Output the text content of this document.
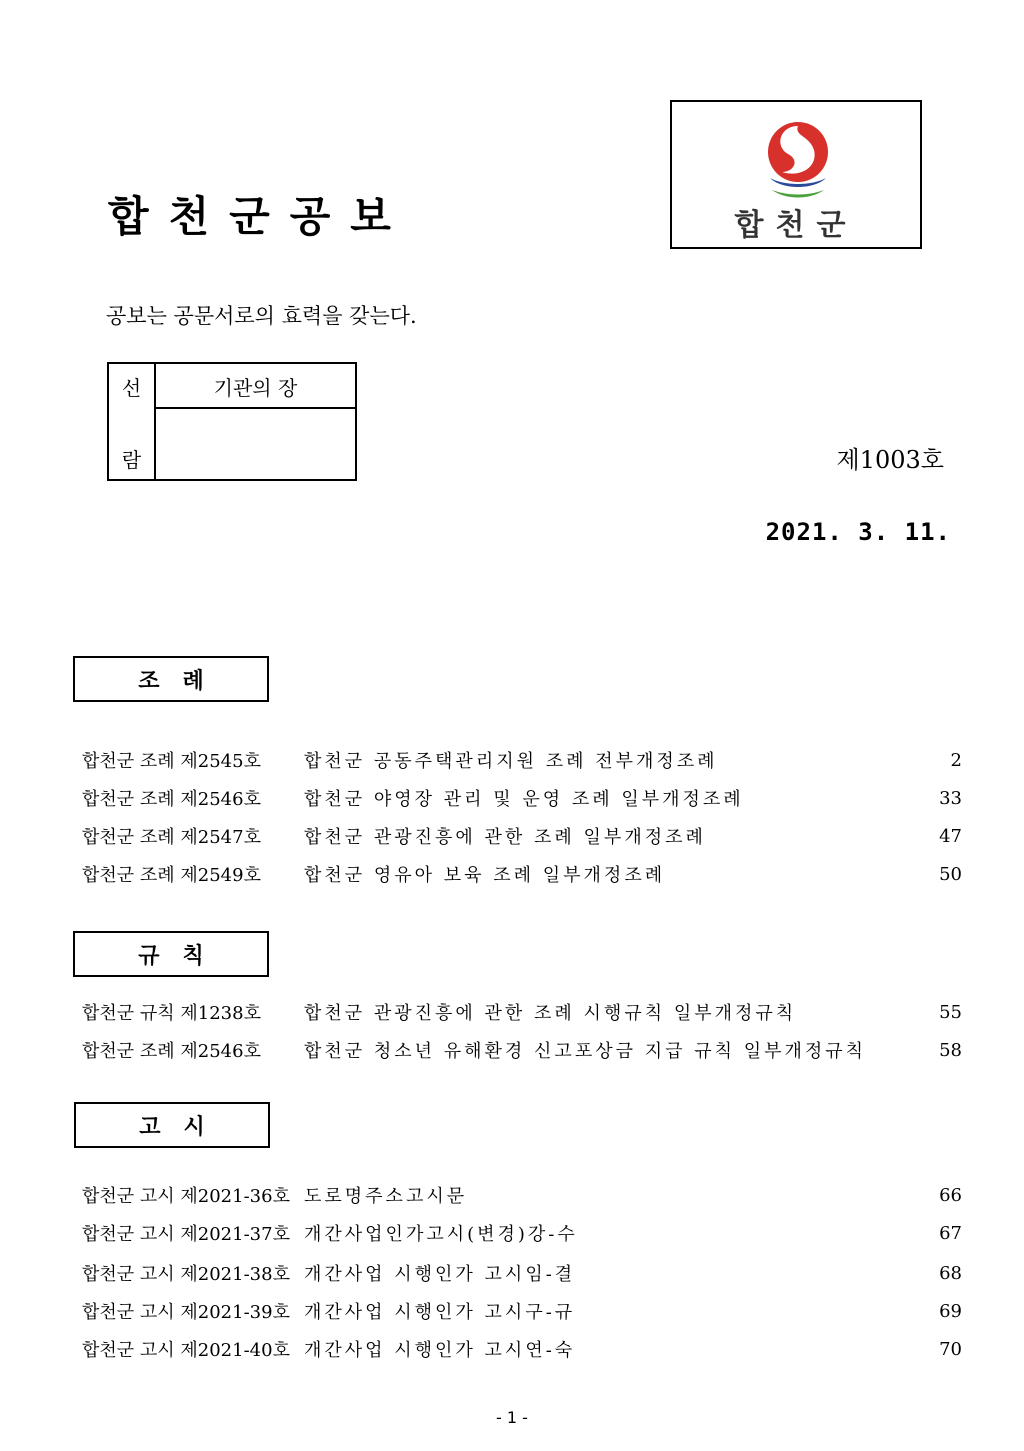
합천군공보	합천군
공보는 공문서로의 효력을 갖는다.
선
람
기관의 장
제1003호
2021. 3. 11.
조   례
합천군 조례 제2545호	합천군 공동주택관리지원 조례 전부개정조례	2
합천군 조례 제2546호	합천군 야영장 관리 및 운영 조례 일부개정조례	33
합천군 조례 제2547호	합천군 관광진흥에 관한 조례 일부개정조례	47
합천군 조례 제2549호	합천군 영유아 보육 조례 일부개정조례	50
규   칙
합천군 규칙 제1238호	합천군 관광진흥에 관한 조례 시행규칙 일부개정규칙	55
합천군 조례 제2546호	합천군 청소년 유해환경 신고포상금 지급 규칙 일부개정규칙	58
고   시
합천군 고시 제2021-36호 도로명주소고시문	66
합천군 고시 제2021-37호 개간사업인가고시(변경)강-수	67
합천군 고시 제2021-38호 개간사업 시행인가 고시임-결	68
합천군 고시 제2021-39호 개간사업 시행인가 고시구-규	69
합천군 고시 제2021-40호 개간사업 시행인가 고시연-숙	70
- 1 -
